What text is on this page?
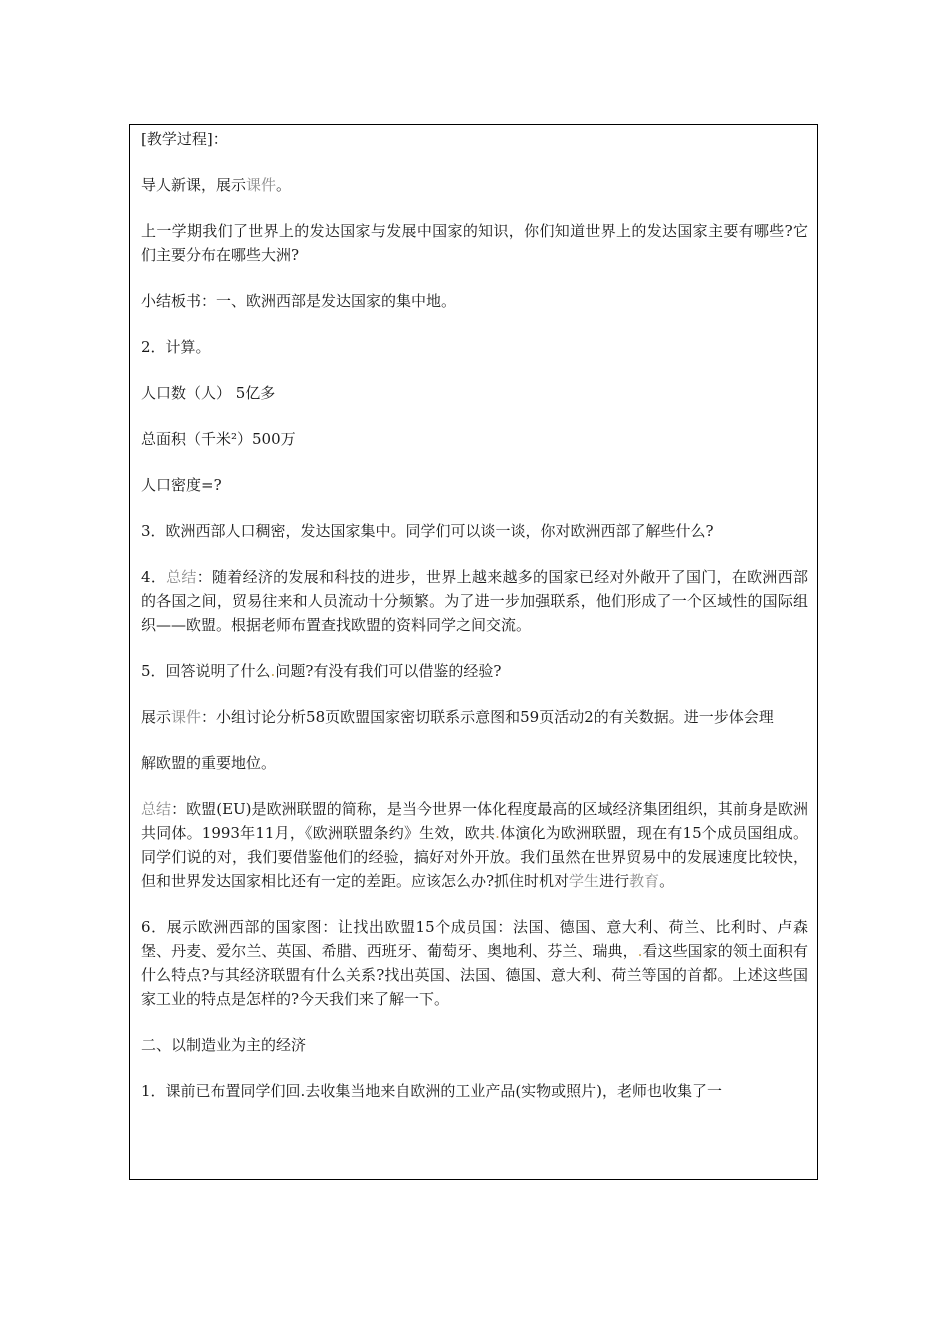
[教学过程]：

导人新课，展示课件。

上一学期我们了世界上的发达国家与发展中国家的知识，你们知道世界上的发达国家主要有哪些?它们主要分布在哪些大洲?

小结板书：一、欧洲西部是发达国家的集中地。

2．计算。

人口数（人） 5亿多

总面积（千米²）500万

人口密度=?

3．欧洲西部人口稠密，发达国家集中。同学们可以谈一谈，你对欧洲西部了解些什么?

4．总结：随着经济的发展和科技的进步，世界上越来越多的国家已经对外敞开了国门，在欧洲西部的各国之间，贸易往来和人员流动十分频繁。为了进一步加强联系，他们形成了一个区域性的国际组织——欧盟。根据老师布置查找欧盟的资料同学之间交流。

5．回答说明了什么.问题?有没有我们可以借鉴的经验?

展示课件：小组讨论分析58页欧盟国家密切联系示意图和59页活动2的有关数据。进一步体会理

解欧盟的重要地位。

总结：欧盟(EU)是欧洲联盟的简称，是当今世界一体化程度最高的区域经济集团组织，其前身是欧洲共同体。1993年11月，《欧洲联盟条约》生效，欧共.体演化为欧洲联盟，现在有15个成员国组成。同学们说的对，我们要借鉴他们的经验，搞好对外开放。我们虽然在世界贸易中的发展速度比较快，但和世界发达国家相比还有一定的差距。应该怎么办?抓住时机对学生进行教育。

6．展示欧洲西部的国家图：让找出欧盟15个成员国：法国、德国、意大利、荷兰、比利时、卢森堡、丹麦、爱尔兰、英国、希腊、西班牙、葡萄牙、奥地利、芬兰、瑞典，.看这些国家的领土面积有什么特点?与其经济联盟有什么关系?找出英国、法国、德国、意大利、荷兰等国的首都。上述这些国家工业的特点是怎样的?今天我们来了解一下。

二、以制造业为主的经济

1．课前已布置同学们回.去收集当地来自欧洲的工业产品(实物或照片)，老师也收集了一
